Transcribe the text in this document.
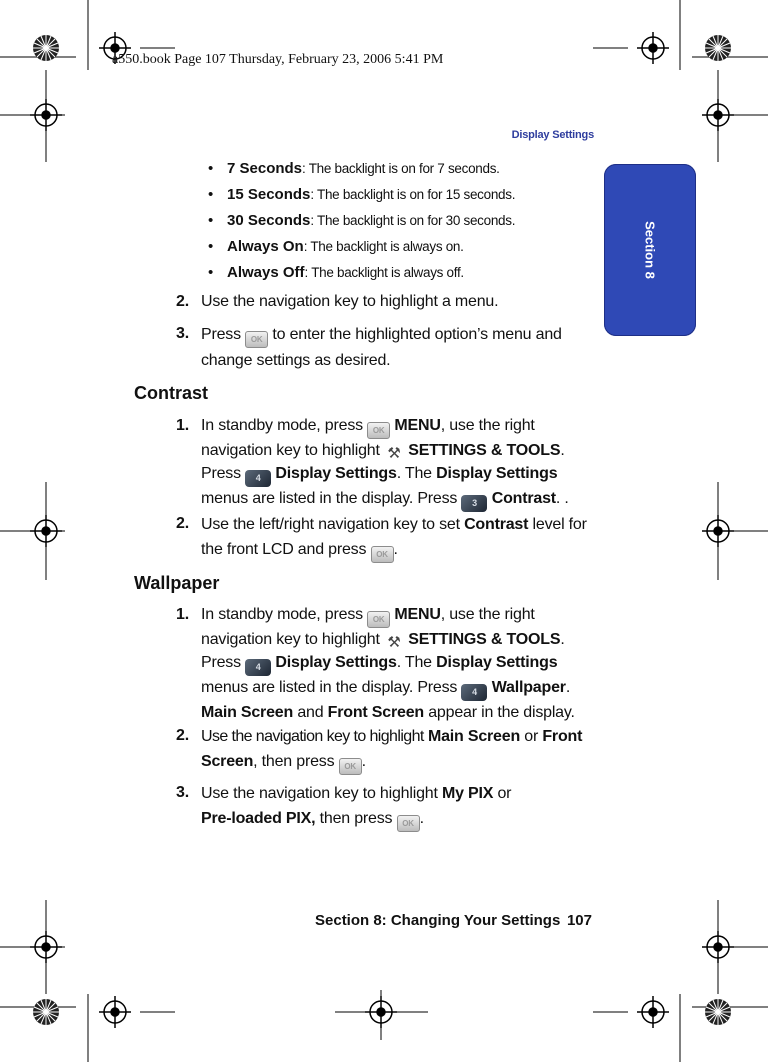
a550.book Page 107 Thursday, February 23, 2006 5:41 PM
Display Settings
Section 8
• 7 Seconds: The backlight is on for 7 seconds.
• 15 Seconds: The backlight is on for 15 seconds.
• 30 Seconds: The backlight is on for 30 seconds.
• Always On: The backlight is always on.
• Always Off: The backlight is always off.
2. Use the navigation key to highlight a menu.
3. Press OK to enter the highlighted option’s menu and change settings as desired.
Contrast
1. In standby mode, press OK MENU, use the right navigation key to highlight ⚒ SETTINGS & TOOLS. Press 4 Display Settings. The Display Settings menus are listed in the display. Press 3 Contrast. .
2. Use the left/right navigation key to set Contrast level for the front LCD and press OK .
Wallpaper
1. In standby mode, press OK MENU, use the right navigation key to highlight ⚒ SETTINGS & TOOLS. Press 4 Display Settings. The Display Settings menus are listed in the display. Press 4 Wallpaper. Main Screen and Front Screen appear in the display.
2. Use the navigation key to highlight Main Screen or Front Screen, then press OK .
3. Use the navigation key to highlight My PIX or
Pre-loaded PIX, then press OK .
Section 8: Changing Your Settings 107
